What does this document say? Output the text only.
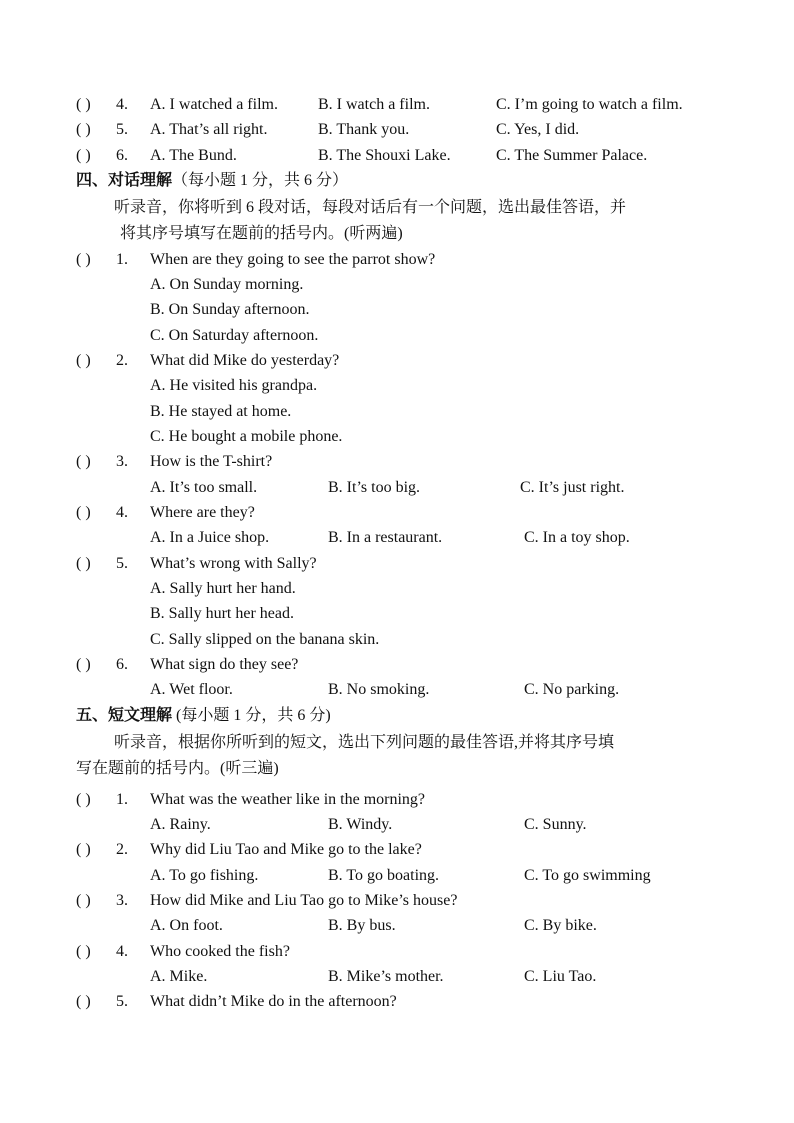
( ) 4. A. I watched a film.	B. I watch a film.	C. I’m going to watch a film.
( ) 5. A. That’s all right.	B. Thank you.	C. Yes, I did.
( ) 6. A. The Bund.	B. The Shouxi Lake.	C. The Summer Palace.
四、对话理解（每小题 1 分，共 6 分）
听录音，你将听到 6 段对话，每段对话后有一个问题，选出最佳答语，并
将其序号填写在题前的括号内。(听两遍)
( ) 1. When are they going to see the parrot show?
A. On Sunday morning.
B. On Sunday afternoon.
C. On Saturday afternoon.
( ) 2. What did Mike do yesterday?
A. He visited his grandpa.
B. He stayed at home.
C. He bought a mobile phone.
( ) 3. How is the T-shirt?
A. It’s too small.	B. It’s too big.	C. It’s just right.
( ) 4. Where are they?
A. In a Juice shop.	B. In a restaurant.	C. In a toy shop.
( ) 5. What’s wrong with Sally?
A. Sally hurt her hand.
B. Sally hurt her head.
C. Sally slipped on the banana skin.
( ) 6. What sign do they see?
A. Wet floor.	B. No smoking.	C. No parking.
五、短文理解 (每小题 1 分，共 6 分)
听录音，根据你所听到的短文，选出下列问题的最佳答语,并将其序号填
写在题前的括号内。(听三遍)
( ) 1. What was the weather like in the morning?
A. Rainy.	B. Windy.	C. Sunny.
( ) 2. Why did Liu Tao and Mike go to the lake?
A. To go fishing.	B. To go boating.	C. To go swimming
( ) 3. How did Mike and Liu Tao go to Mike’s house?
A. On foot.	B. By bus.	C. By bike.
( ) 4. Who cooked the fish?
A. Mike.	B. Mike’s mother.	C. Liu Tao.
( ) 5. What didn’t Mike do in the afternoon?
